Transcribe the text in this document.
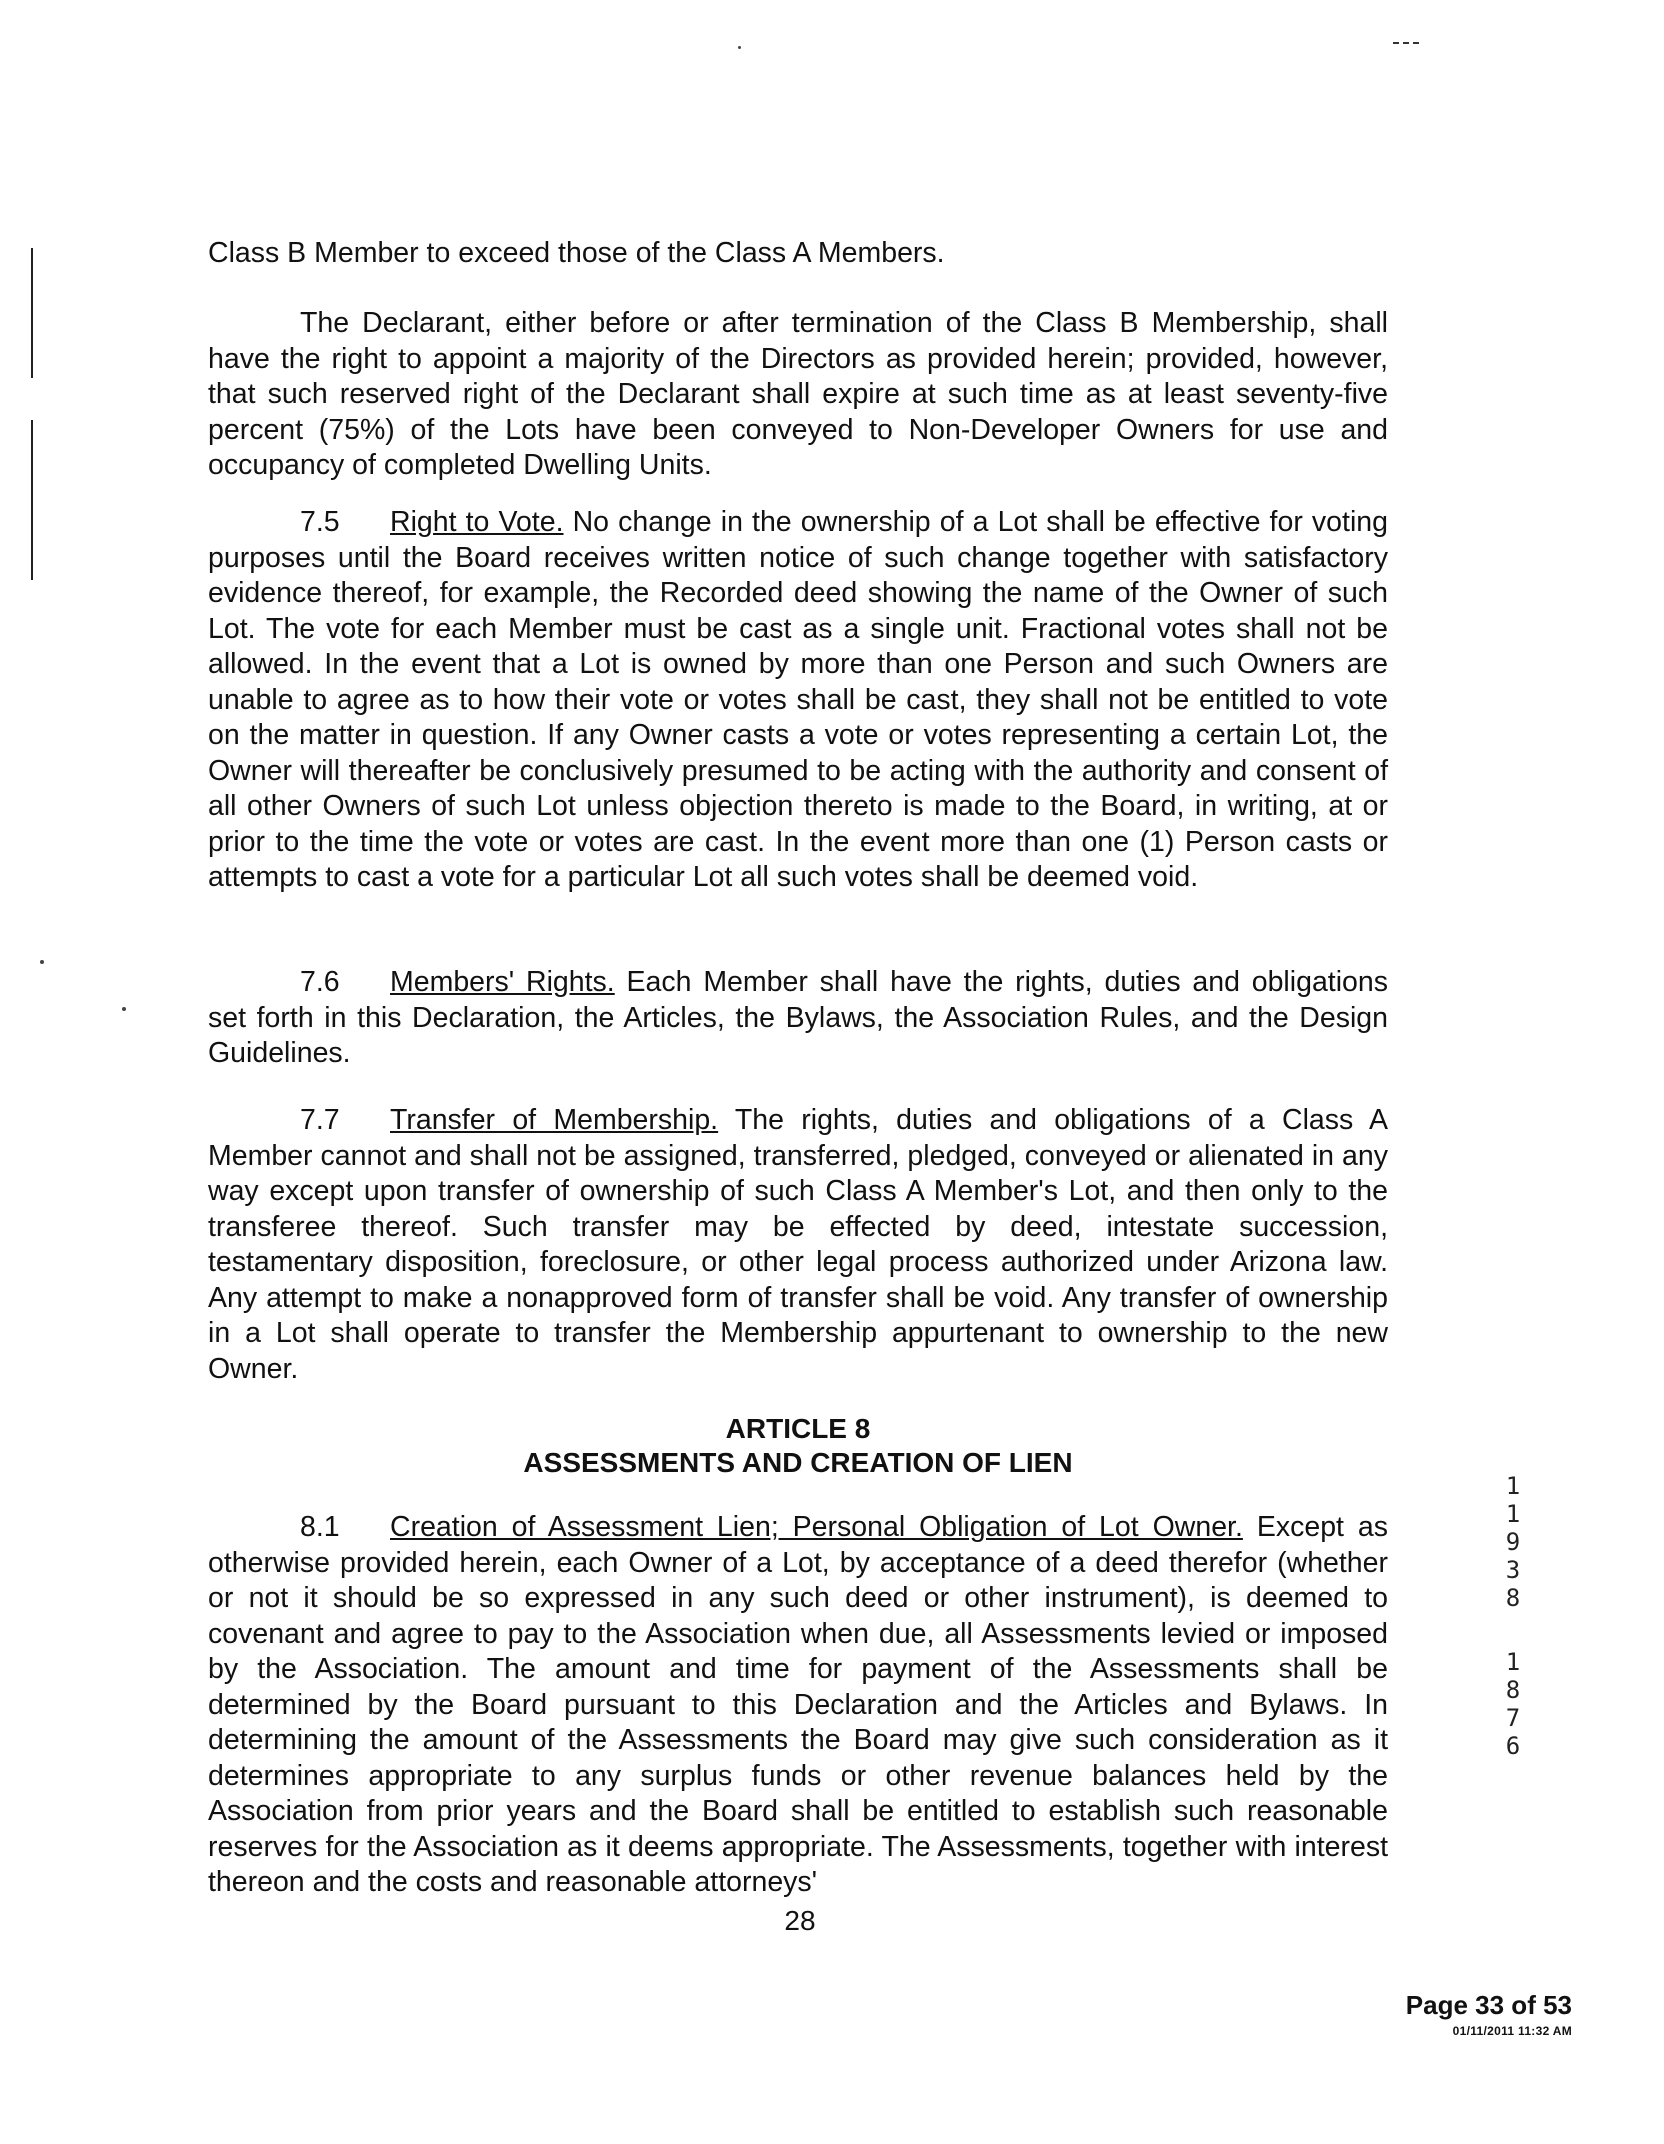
Class B Member to exceed those of the Class A Members.
The Declarant, either before or after termination of the Class B Membership, shall have the right to appoint a majority of the Directors as provided herein; provided, however, that such reserved right of the Declarant shall expire at such time as at least seventy-five percent (75%) of the Lots have been conveyed to Non-Developer Owners for use and occupancy of completed Dwelling Units.
7.5 Right to Vote. No change in the ownership of a Lot shall be effective for voting purposes until the Board receives written notice of such change together with satisfactory evidence thereof, for example, the Recorded deed showing the name of the Owner of such Lot. The vote for each Member must be cast as a single unit. Fractional votes shall not be allowed. In the event that a Lot is owned by more than one Person and such Owners are unable to agree as to how their vote or votes shall be cast, they shall not be entitled to vote on the matter in question. If any Owner casts a vote or votes representing a certain Lot, the Owner will thereafter be conclusively presumed to be acting with the authority and consent of all other Owners of such Lot unless objection thereto is made to the Board, in writing, at or prior to the time the vote or votes are cast. In the event more than one (1) Person casts or attempts to cast a vote for a particular Lot all such votes shall be deemed void.
7.6 Members' Rights. Each Member shall have the rights, duties and obligations set forth in this Declaration, the Articles, the Bylaws, the Association Rules, and the Design Guidelines.
7.7 Transfer of Membership. The rights, duties and obligations of a Class A Member cannot and shall not be assigned, transferred, pledged, conveyed or alienated in any way except upon transfer of ownership of such Class A Member's Lot, and then only to the transferee thereof. Such transfer may be effected by deed, intestate succession, testamentary disposition, foreclosure, or other legal process authorized under Arizona law. Any attempt to make a nonapproved form of transfer shall be void. Any transfer of ownership in a Lot shall operate to transfer the Membership appurtenant to ownership to the new Owner.
ARTICLE 8
ASSESSMENTS AND CREATION OF LIEN
8.1 Creation of Assessment Lien; Personal Obligation of Lot Owner. Except as otherwise provided herein, each Owner of a Lot, by acceptance of a deed therefor (whether or not it should be so expressed in any such deed or other instrument), is deemed to covenant and agree to pay to the Association when due, all Assessments levied or imposed by the Association. The amount and time for payment of the Assessments shall be determined by the Board pursuant to this Declaration and the Articles and Bylaws. In determining the amount of the Assessments the Board may give such consideration as it determines appropriate to any surplus funds or other revenue balances held by the Association from prior years and the Board shall be entitled to establish such reasonable reserves for the Association as it deems appropriate. The Assessments, together with interest thereon and the costs and reasonable attorneys'
28
1
1
9
3
8
1
8
7
6
Page 33 of 53
01/11/2011 11:32 AM
